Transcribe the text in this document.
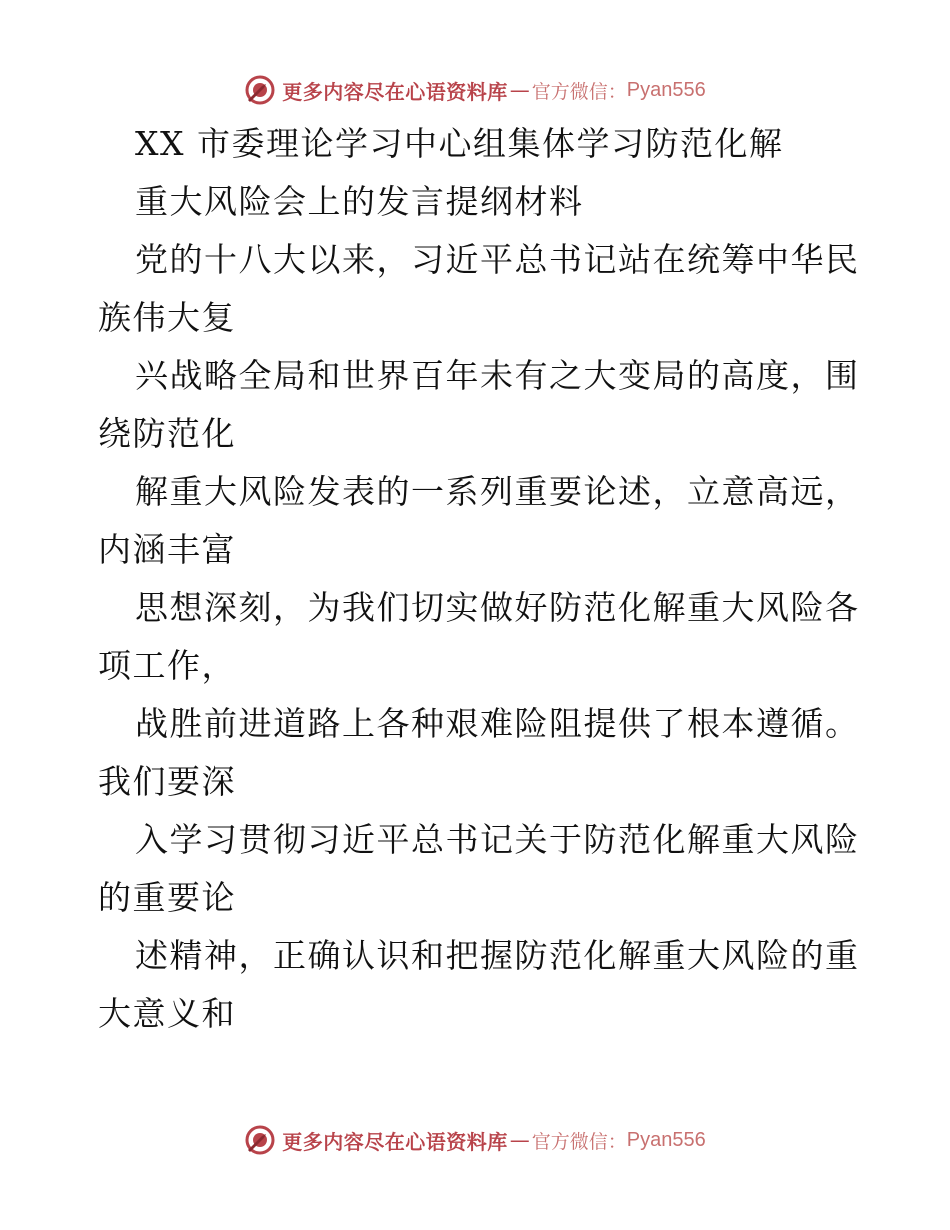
更多内容尽在心语资料库 — 官方微信： Pyan556
XX 市委理论学习中心组集体学习防范化解
重大风险会上的发言提纲材料
党的十八大以来，习近平总书记站在统筹中华民
族伟大复
兴战略全局和世界百年未有之大变局的高度，围
绕防范化
解重大风险发表的一系列重要论述，立意高远，
内涵丰富
思想深刻，为我们切实做好防范化解重大风险各
项工作，
战胜前进道路上各种艰难险阻提供了根本遵循。
我们要深
入学习贯彻习近平总书记关于防范化解重大风险
的重要论
述精神，正确认识和把握防范化解重大风险的重
大意义和
更多内容尽在心语资料库 — 官方微信： Pyan556
